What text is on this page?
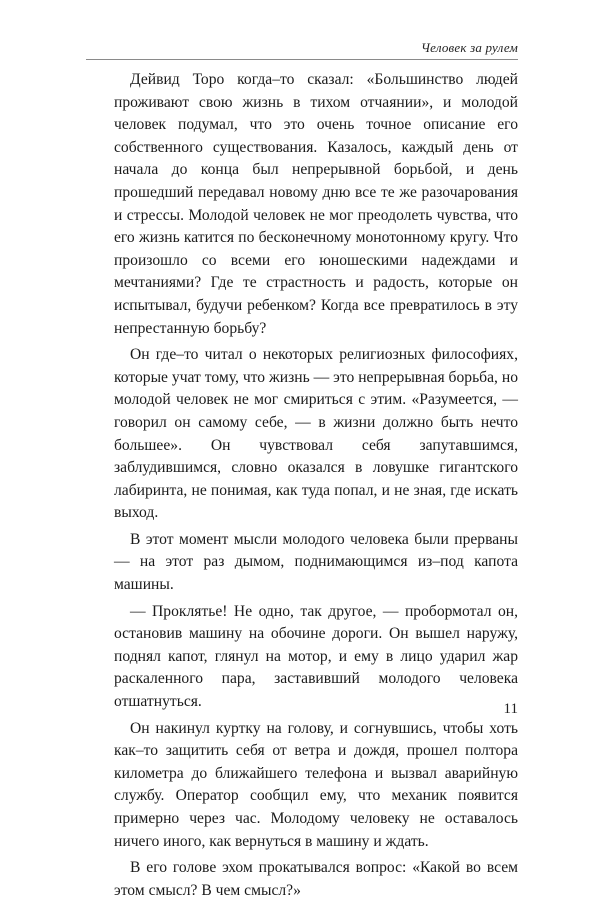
Человек за рулем

Дейвид Торо когда–то сказал: «Большинство людей проживают свою жизнь в тихом отчаянии», и молодой человек подумал, что это очень точное описание его собственного существования. Казалось, каждый день от начала до конца был непрерывной борьбой, и день прошедший передавал новому дню все те же разочарования и стрессы. Молодой человек не мог преодолеть чувства, что его жизнь катится по бесконечному монотонному кругу. Что произошло со всеми его юношескими надеждами и мечтаниями? Где те страстность и радость, которые он испытывал, будучи ребенком? Когда все превратилось в эту непрестанную борьбу?

Он где–то читал о некоторых религиозных философиях, которые учат тому, что жизнь — это непрерывная борьба, но молодой человек не мог смириться с этим. «Разумеется, — говорил он самому себе, — в жизни должно быть нечто большее». Он чувствовал себя запутавшимся, заблудившимся, словно оказался в ловушке гигантского лабиринта, не понимая, как туда попал, и не зная, где искать выход.

В этот момент мысли молодого человека были прерваны — на этот раз дымом, поднимающимся из–под капота машины.

— Проклятье! Не одно, так другое, — пробормотал он, остановив машину на обочине дороги. Он вышел наружу, поднял капот, глянул на мотор, и ему в лицо ударил жар раскаленного пара, заставивший молодого человека отшатнуться.

Он накинул куртку на голову, и согнувшись, чтобы хоть как–то защитить себя от ветра и дождя, прошел полтора километра до ближайшего телефона и вызвал аварийную службу. Оператор сообщил ему, что механик появится примерно через час. Молодому человеку не оставалось ничего иного, как вернуться в машину и ждать.

В его голове эхом прокатывался вопрос: «Какой во всем этом смысл? В чем смысл?»

11
